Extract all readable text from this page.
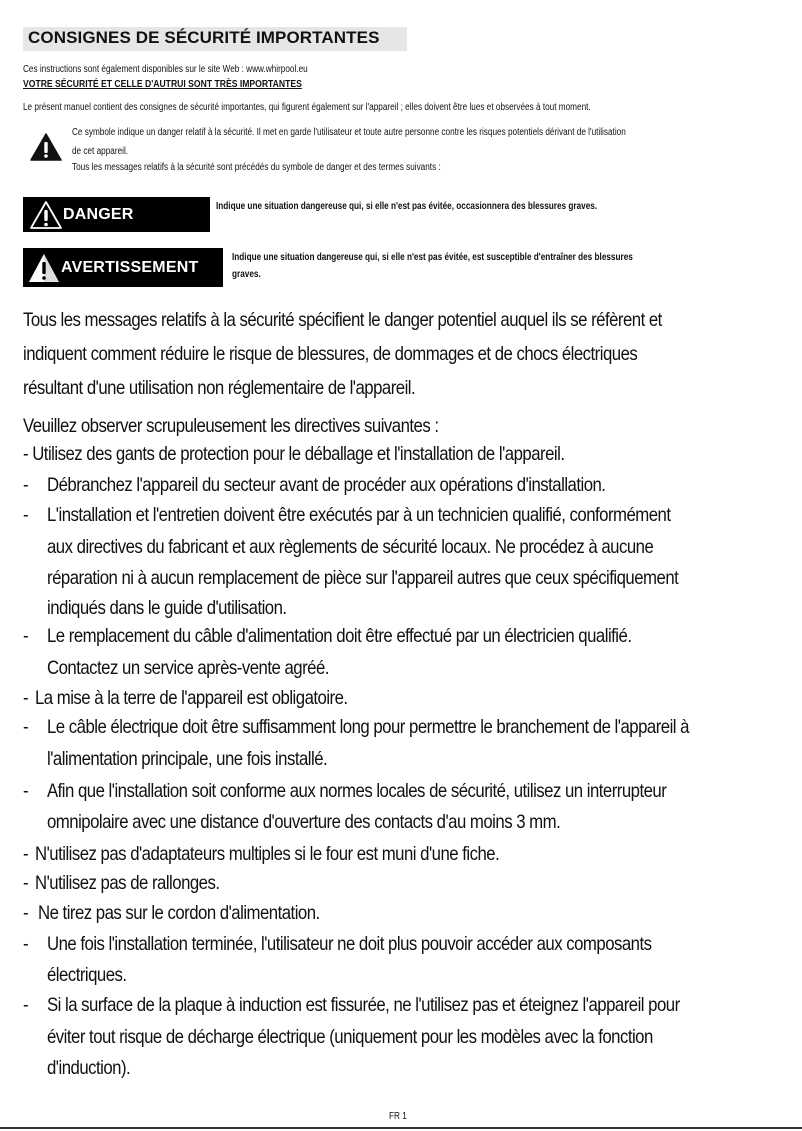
CONSIGNES DE SÉCURITÉ IMPORTANTES
Ces instructions sont également disponibles sur le site Web : www.whirpool.eu
VOTRE SÉCURITÉ ET CELLE D'AUTRUI SONT TRÈS IMPORTANTES
Le présent manuel contient des consignes de sécurité importantes, qui figurent également sur l'appareil ; elles doivent être lues et observées à tout moment.
Ce symbole indique un danger relatif à la sécurité. Il met en garde l'utilisateur et toute autre personne contre les risques potentiels dérivant de l'utilisation
de cet appareil.
Tous les messages relatifs à la sécurité sont précédés du symbole de danger et des termes suivants :
DANGER	Indique une situation dangereuse qui, si elle n'est pas évitée, occasionnera des blessures graves.
AVERTISSEMENT
Indique une situation dangereuse qui, si elle n'est pas évitée, est susceptible d'entraîner des blessures
graves.
Tous les messages relatifs à la sécurité spécifient le danger potentiel auquel ils se réfèrent et
indiquent comment réduire le risque de blessures, de dommages et de chocs électriques
résultant d'une utilisation non réglementaire de l'appareil.
Veuillez observer scrupuleusement les directives suivantes :
- Utilisez des gants de protection pour le déballage et l'installation de l'appareil.
- Débranchez l'appareil du secteur avant de procéder aux opérations d'installation.
- L'installation et l'entretien doivent être exécutés par à un technicien qualifié, conformément
aux directives du fabricant et aux règlements de sécurité locaux. Ne procédez à aucune
réparation ni à aucun remplacement de pièce sur l'appareil autres que ceux spécifiquement
indiqués dans le guide d'utilisation.
- Le remplacement du câble d'alimentation doit être effectué par un électricien qualifié.
Contactez un service après-vente agréé.
- La mise à la terre de l'appareil est obligatoire.
- Le câble électrique doit être suffisamment long pour permettre le branchement de l'appareil à
l'alimentation principale, une fois installé.
- Afin que l'installation soit conforme aux normes locales de sécurité, utilisez un interrupteur
omnipolaire avec une distance d'ouverture des contacts d'au moins 3 mm.
- N'utilisez pas d'adaptateurs multiples si le four est muni d'une fiche.
- N'utilisez pas de rallonges.
- Ne tirez pas sur le cordon d'alimentation.
- Une fois l'installation terminée, l'utilisateur ne doit plus pouvoir accéder aux composants
électriques.
- Si la surface de la plaque à induction est fissurée, ne l'utilisez pas et éteignez l'appareil pour
éviter tout risque de décharge électrique (uniquement pour les modèles avec la fonction
d'induction).
FR 1
